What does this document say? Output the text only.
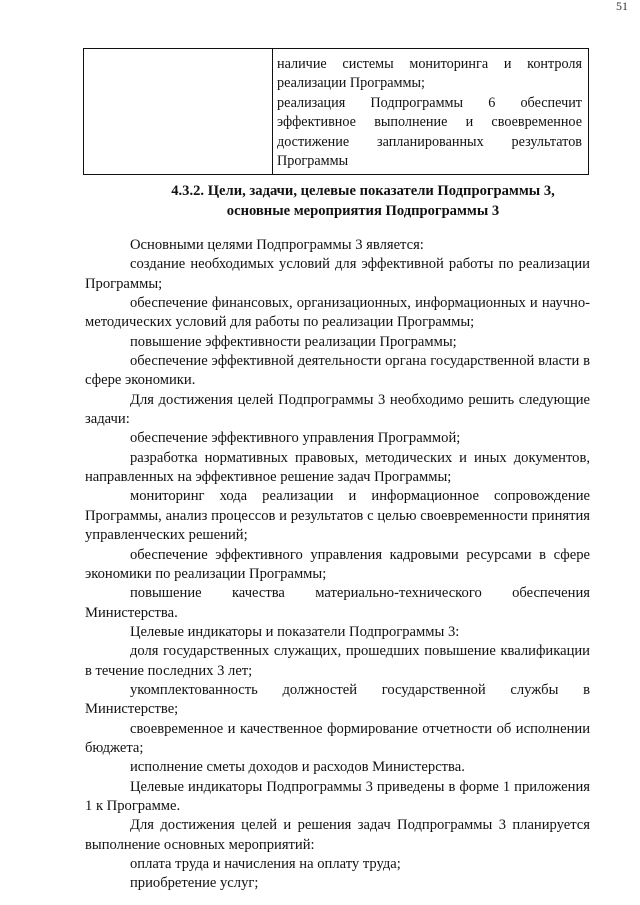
51

наличие системы мониторинга и контроля реализации Программы;
реализация Подпрограммы 6 обеспечит эффективное выполнение и своевременное достижение запланированных результатов Программы
4.3.2. Цели, задачи, целевые показатели Подпрограммы 3,
основные мероприятия Подпрограммы 3

Основными целями Подпрограммы 3 является:

создание необходимых условий для эффективной работы по реализации Программы;

обеспечение финансовых, организационных, информационных и научно-методических условий для работы по реализации Программы;

повышение эффективности реализации Программы;

обеспечение эффективной деятельности органа государственной власти в сфере экономики.

Для достижения целей Подпрограммы 3 необходимо решить следующие задачи:

обеспечение эффективного управления Программой;

разработка нормативных правовых, методических и иных документов, направленных на эффективное решение задач Программы;

мониторинг хода реализации и информационное сопровождение Программы, анализ процессов и результатов с целью своевременности принятия управленческих решений;

обеспечение эффективного управления кадровыми ресурсами в сфере экономики по реализации Программы;

повышение качества материально-технического обеспечения Министерства.

Целевые индикаторы и показатели Подпрограммы 3:

доля государственных служащих, прошедших повышение квалификации в течение последних 3 лет;

укомплектованность должностей государственной службы в Министерстве;

своевременное и качественное формирование отчетности об исполнении бюджета;

исполнение сметы доходов и расходов Министерства.

Целевые индикаторы Подпрограммы 3 приведены в форме 1 приложения 1 к Программе.

Для достижения целей и решения задач Подпрограммы 3 планируется выполнение основных мероприятий:

оплата труда и начисления на оплату труда;

приобретение услуг;
